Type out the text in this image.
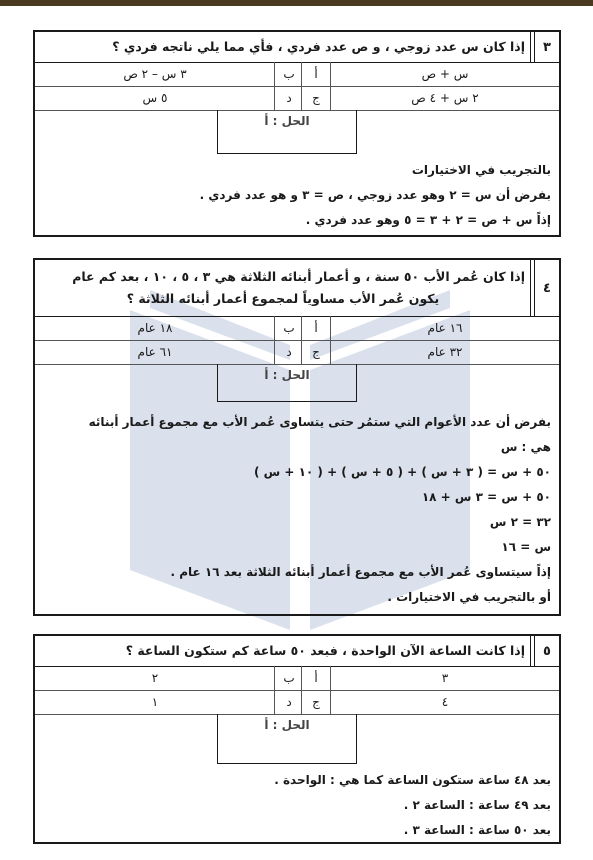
٣
إذا كان س عدد زوجي ، و ص عدد فردي ، فأي مما يلي ناتجه فردي ؟
س + ص
أ
ب
٣ س – ٢ ص
٢ س + ٤ ص
ج
د
٥ س
الحل : أ
بالتجريب في الاختيارات
بفرض أن س = ٢ وهو عدد زوجي ، ص = ٣ و هو عدد فردي .
إذاً س + ص = ٢ + ٣ = ٥ وهو عدد فردي .
٤
إذا كان عُمر الأب ٥٠ سنة ، و أعمار أبنائه الثلاثة هي ٣ ، ٥ ، ١٠ ، بعد كم عام
يكون عُمر الأب مساوياً لمجموع أعمار أبنائه الثلاثة ؟
١٦ عام
أ
ب
١٨ عام
٣٢ عام
ج
د
٦١ عام
الحل : أ
بفرض أن عدد الأعوام التي ستمُر حتى يتساوى عُمر الأب مع مجموع أعمار أبنائه
هي : س
٥٠ + س = ( ٣ + س ) + ( ٥ + س ) + ( ١٠ + س )
٥٠ + س = ٣ س + ١٨
٣٢ = ٢ س
س = ١٦
إذاً سيتساوى عُمر الأب مع مجموع أعمار أبنائه الثلاثة بعد ١٦ عام .
أو بالتجريب في الاختيارات .
٥
إذا كانت الساعة الآن الواحدة ، فبعد ٥٠ ساعة كم ستكون الساعة ؟
٣
أ
ب
٢
٤
ج
د
١
الحل : أ
بعد ٤٨ ساعة ستكون الساعة كما هي : الواحدة .
بعد ٤٩ ساعة : الساعة ٢ .
بعد ٥٠ ساعة : الساعة ٣ .
